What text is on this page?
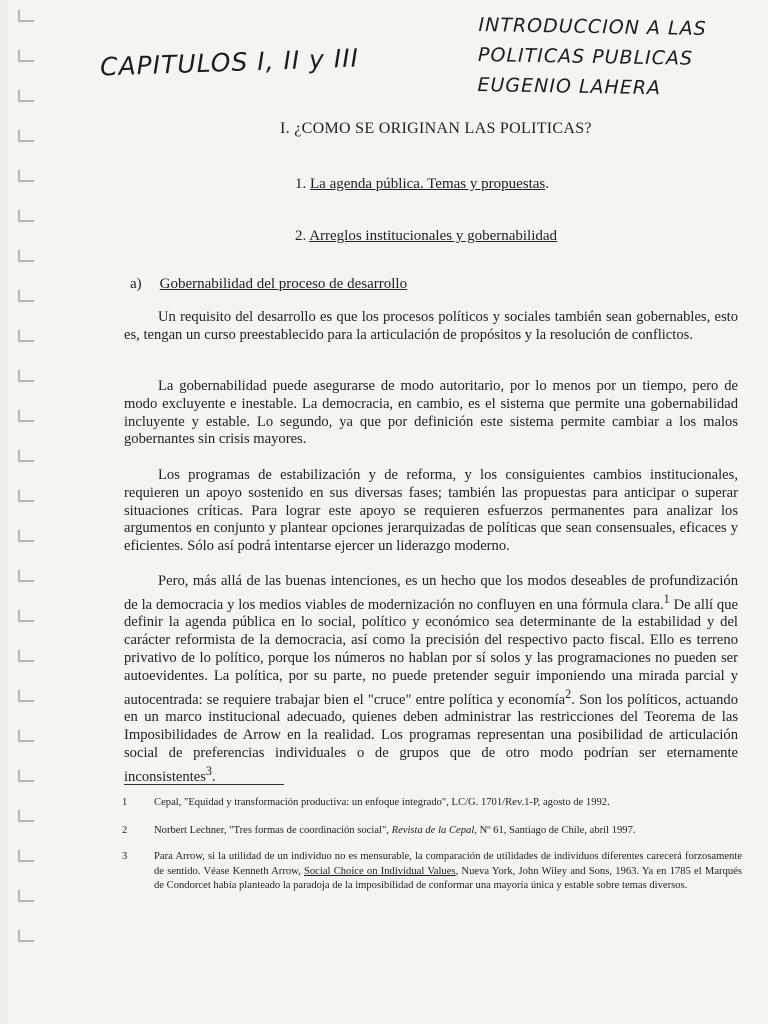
CAPITULOS I, II y III
INTRODUCCION A LAS
POLITICAS PUBLICAS
EUGENIO LAHERA
I. ¿COMO SE ORIGINAN LAS POLITICAS?
1. La agenda pública. Temas y propuestas.
2. Arreglos institucionales y gobernabilidad
a) Gobernabilidad del proceso de desarrollo

Un requisito del desarrollo es que los procesos políticos y sociales también sean gobernables, esto es, tengan un curso preestablecido para la articulación de propósitos y la resolución de conflictos.

La gobernabilidad puede asegurarse de modo autoritario, por lo menos por un tiempo, pero de modo excluyente e inestable. La democracia, en cambio, es el sistema que permite una gobernabilidad incluyente y estable. Lo segundo, ya que por definición este sistema permite cambiar a los malos gobernantes sin crisis mayores.

Los programas de estabilización y de reforma, y los consiguientes cambios institucionales, requieren un apoyo sostenido en sus diversas fases; también las propuestas para anticipar o superar situaciones críticas. Para lograr este apoyo se requieren esfuerzos permanentes para analizar los argumentos en conjunto y plantear opciones jerarquizadas de políticas que sean consensuales, eficaces y eficientes. Sólo así podrá intentarse ejercer un liderazgo moderno.

Pero, más allá de las buenas intenciones, es un hecho que los modos deseables de profundización de la democracia y los medios viables de modernización no confluyen en una fórmula clara.$^1$ De allí que definir la agenda pública en lo social, político y económico sea determinante de la estabilidad y del carácter reformista de la democracia, así como la precisión del respectivo pacto fiscal. Ello es terreno privativo de lo político, porque los números no hablan por sí solos y las programaciones no pueden ser autoevidentes. La política, por su parte, no puede pretender seguir imponiendo una mirada parcial y autocentrada: se requiere trabajar bien el "cruce" entre política y economía$^2$. Son los políticos, actuando en un marco institucional adecuado, quienes deben administrar las restricciones del Teorema de las Imposibilidades de Arrow en la realidad. Los programas representan una posibilidad de articulación social de preferencias individuales o de grupos que de otro modo podrían ser eternamente inconsistentes$^3$.

1	Cepal, "Equidad y transformación productiva: un enfoque integrado", LC/G. 1701/Rev.1-P, agosto de 1992.
2	Norbert Lechner, "Tres formas de coordinación social", Revista de la Cepal, Nº 61, Santiago de Chile, abril 1997.
3	Para Arrow, si la utilidad de un individuo no es mensurable, la comparación de utilidades de individuos diferentes carecerá forzosamente de sentido. Véase Kenneth Arrow, Social Choice on Individual Values, Nueva York, John Wiley and Sons, 1963. Ya en 1785 el Marqués de Condorcet había planteado la paradoja de la imposibilidad de conformar una mayoría única y estable sobre temas diversos.
